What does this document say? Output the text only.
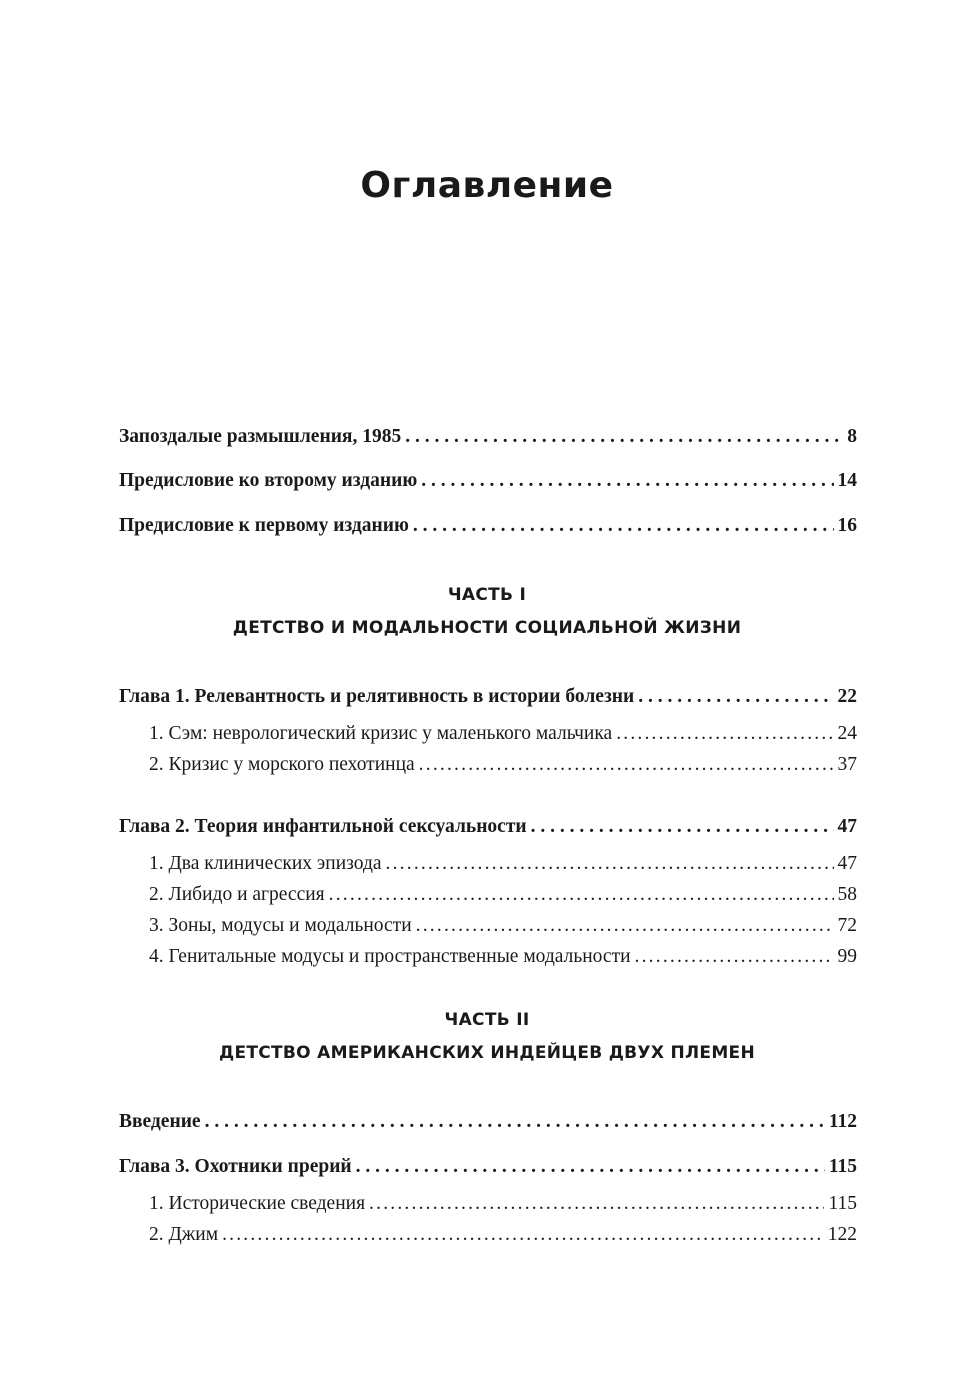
Оглавление
Запоздалые размышления, 1985 . . .	8
Предисловие ко второму изданию . . .	14
Предисловие к первому изданию . . .	16
ЧАСТЬ I
ДЕТСТВО И МОДАЛЬНОСТИ СОЦИАЛЬНОЙ ЖИЗНИ
Глава 1. Релевантность и релятивность в истории болезни . . .	22
1. Сэм: неврологический кризис у маленького мальчика .....	24
2. Кризис у морского пехотинца .....	37
Глава 2. Теория инфантильной сексуальности . . .	47
1. Два клинических эпизода .....	47
2. Либидо и агрессия .....	58
3. Зоны, модусы и модальности .....	72
4. Генитальные модусы и пространственные модальности .....	99
ЧАСТЬ II
ДЕТСТВО АМЕРИКАНСКИХ ИНДЕЙЦЕВ ДВУХ ПЛЕМЕН
Введение . . .	112
Глава 3. Охотники прерий . . .	115
1. Исторические сведения .....	115
2. Джим .....	122
